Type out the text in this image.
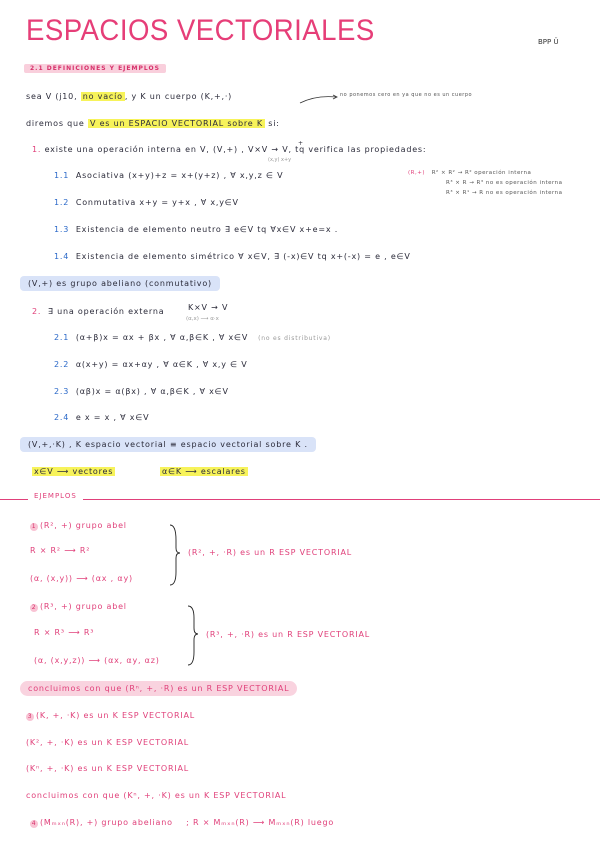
ESPACIOS VECTORIALES	BPP Ü
2.1 DEFINICIONES Y EJEMPLOS
sea V (j10, no vacío , y K un cuerpo (K,+,·)	no ponemos cero en ya que no es un cuerpo
diremos que V es un ESPACIO VECTORIAL sobre K si:
1. existe una operación interna en V, (V,+) , V×V → V, tq verifica las propiedades:
+
(x,y) x+y
1.1 Asociativa (x+y)+z = x+(y+z) , ∀ x,y,z ∈ V
1.2 Conmutativa x+y = y+x , ∀ x,y∈V
1.3 Existencia de elemento neutro ∃ e∈V tq ∀x∈V x+e=x .
1.4 Existencia de elemento simétrico ∀ x∈V, ∃ (-x)∈V tq x+(-x) = e , e∈V
(R,+) R² × R² → R² operación interna
R³ × R → R³ no es operación interna
R³ × R¹ → R no es operación interna
(V,+) es grupo abeliano (conmutativo)
2. ∃ una operación externa	K×V → V
(α,x) ⟶ α·x
2.1 (α+β)x = αx + βx , ∀ α,β∈K , ∀ x∈V (no es distributiva)
2.2 α(x+y) = αx+αy , ∀ α∈K , ∀ x,y ∈ V
2.3 (αβ)x = α(βx) , ∀ α,β∈K , ∀ x∈V
2.4 e x = x , ∀ x∈V
(V,+,·K) , K espacio vectorial ≡ espacio vectorial sobre K .
x∈V ⟶ vectores	α∈K ⟶ escalares
EJEMPLOS
1 (R², +) grupo abel
R × R² ⟶ R²
(α, (x,y)) ⟶ (αx , αy)
(R², +, ·R) es un R ESP VECTORIAL
2 (R³, +) grupo abel
R × R³ ⟶ R³
(α, (x,y,z)) ⟶ (αx, αy, αz)
(R³, +, ·R) es un R ESP VECTORIAL
concluimos con que (Rⁿ, +, ·R) es un R ESP VECTORIAL
3 (K, +, ·K) es un K ESP VECTORIAL
(K², +, ·K) es un K ESP VECTORIAL
(Kⁿ, +, ·K) es un K ESP VECTORIAL
concluimos con que (Kⁿ, +, ·K) es un K ESP VECTORIAL
4 (Mₘₓₙ(R), +) grupo abeliano ; R × Mₘₓₙ(R) ⟶ Mₘₓₙ(R) luego
